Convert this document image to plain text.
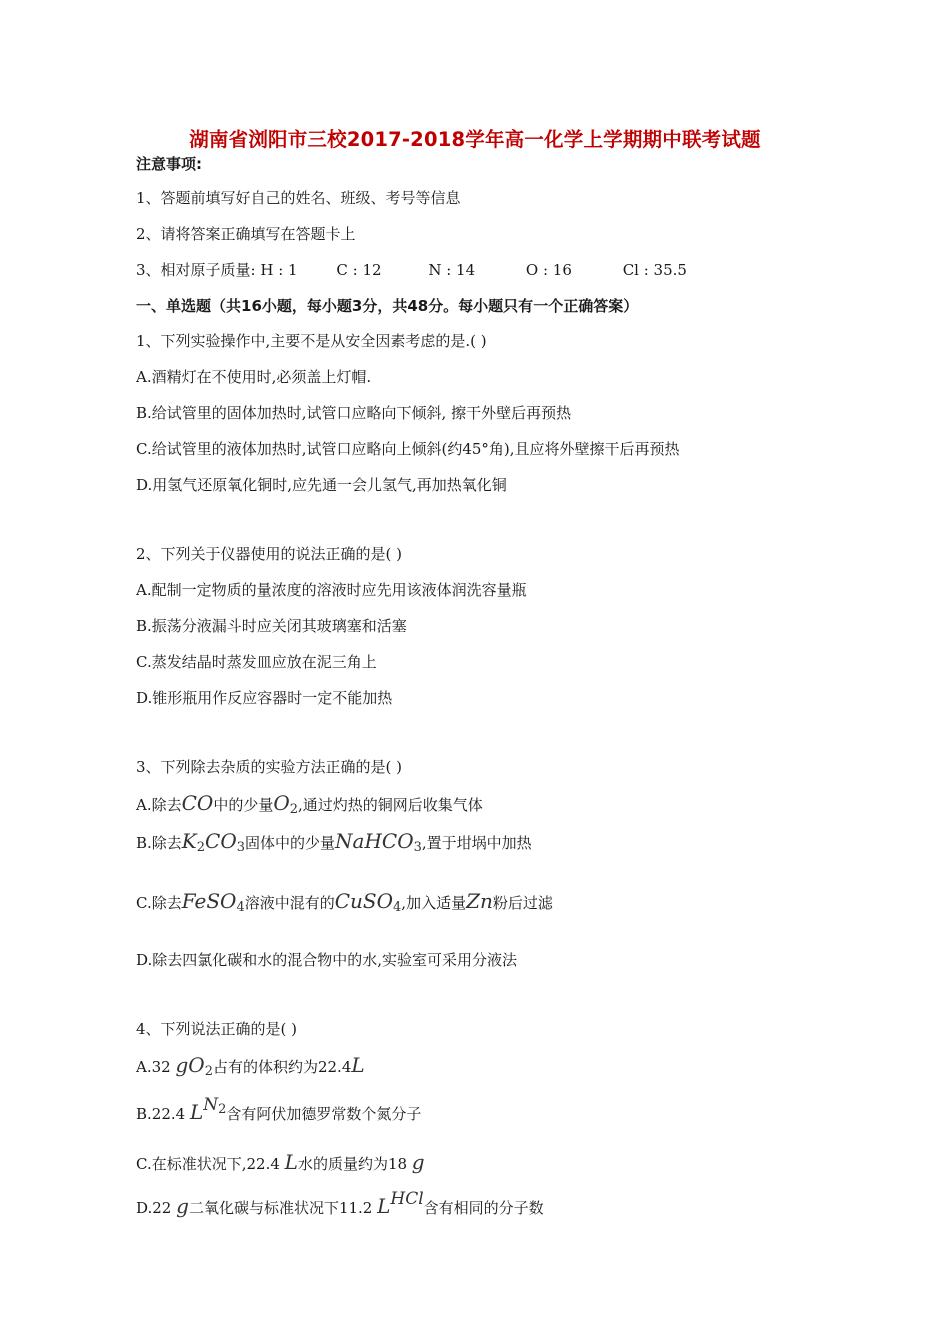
湖南省浏阳市三校2017-2018学年高一化学上学期期中联考试题
注意事项:
1、答题前填写好自己的姓名、班级、考号等信息
2、请将答案正确填写在答题卡上
3、相对原子质量: H : 1	C : 12	N : 14	O : 16	Cl : 35.5
一、单选题（共16小题，每小题3分，共48分。每小题只有一个正确答案）
1、下列实验操作中,主要不是从安全因素考虑的是.( )
A.酒精灯在不使用时,必须盖上灯帽.
B.给试管里的固体加热时,试管口应略向下倾斜, 擦干外壁后再预热
C.给试管里的液体加热时,试管口应略向上倾斜(约45°角),且应将外壁擦干后再预热
D.用氢气还原氧化铜时,应先通一会儿氢气,再加热氧化铜
2、下列关于仪器使用的说法正确的是( )
A.配制一定物质的量浓度的溶液时应先用该液体润洗容量瓶
B.振荡分液漏斗时应关闭其玻璃塞和活塞
C.蒸发结晶时蒸发皿应放在泥三角上
D.锥形瓶用作反应容器时一定不能加热
3、下列除去杂质的实验方法正确的是( )
A.除去CO中的少量$O_2$,通过灼热的铜网后收集气体
B.除去$K_2CO_3$固体中的少量NaHCO$_3$,置于坩埚中加热
C.除去FeSO$_4$溶液中混有的CuSO$_4$,加入适量Zn粉后过滤
D.除去四氯化碳和水的混合物中的水,实验室可采用分液法
4、下列说法正确的是( )
A.32 $gO_2$占有的体积约为22.4L
B.22.4 $L^{N_2}$含有阿伏加德罗常数个氮分子
C.在标准状况下,22.4 L水的质量约为18 g
D.22 g二氧化碳与标准状况下11.2 $L^{HCl}$含有相同的分子数
